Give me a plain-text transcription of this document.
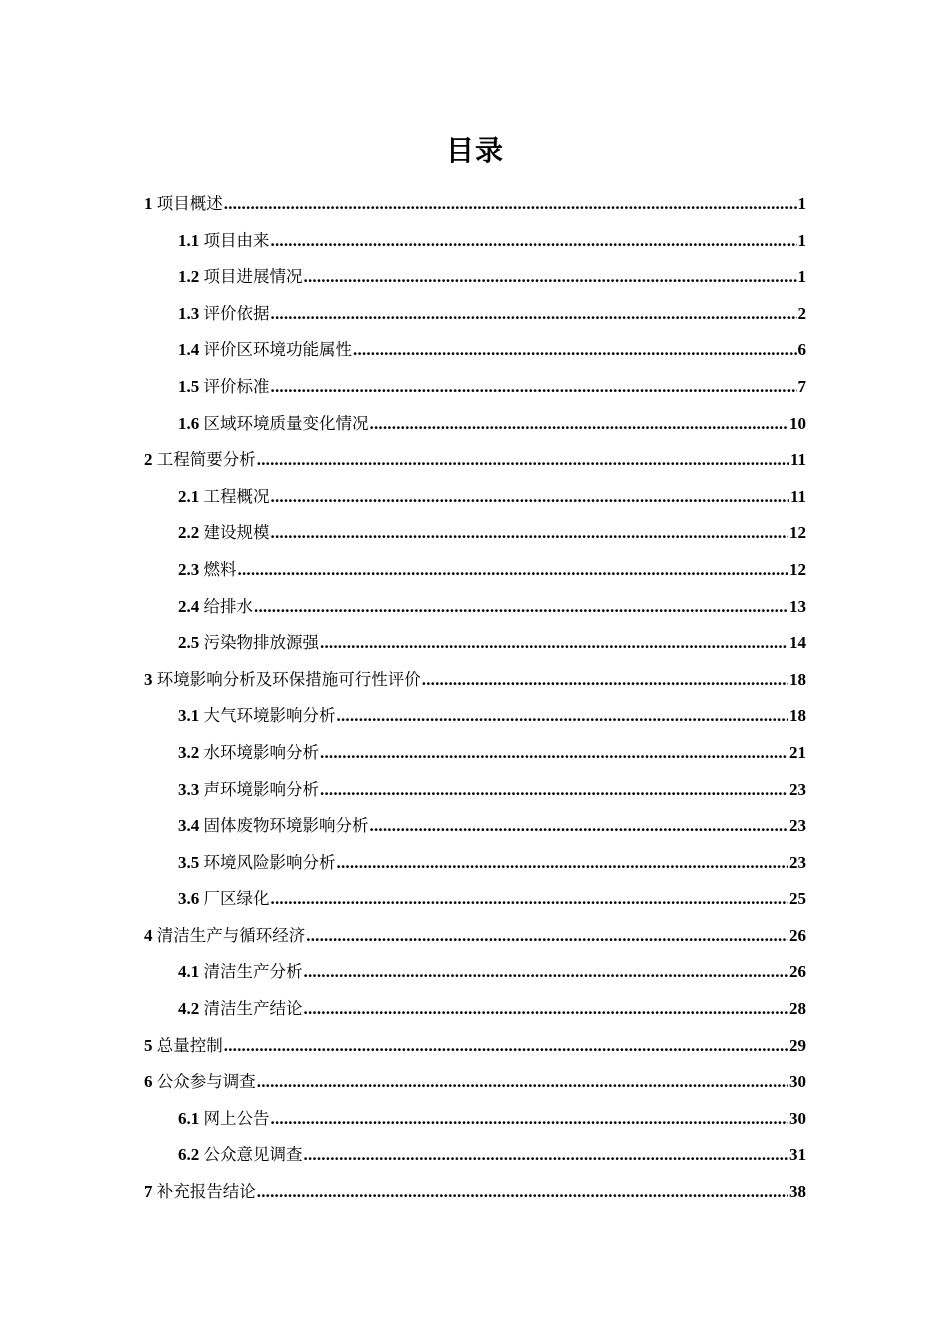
目录
1 项目概述 .....	1
1.1 项目由来 .....	1
1.2 项目进展情况 .....	1
1.3 评价依据 .....	2
1.4 评价区环境功能属性 .....	6
1.5 评价标准 .....	7
1.6 区域环境质量变化情况 .....	10
2 工程简要分析 .....	11
2.1 工程概况 .....	11
2.2 建设规模 .....	12
2.3 燃料 .....	12
2.4 给排水 .....	13
2.5 污染物排放源强 .....	14
3 环境影响分析及环保措施可行性评价 .....	18
3.1 大气环境影响分析 .....	18
3.2 水环境影响分析 .....	21
3.3 声环境影响分析 .....	23
3.4 固体废物环境影响分析 .....	23
3.5 环境风险影响分析 .....	23
3.6 厂区绿化 .....	25
4 清洁生产与循环经济 .....	26
4.1 清洁生产分析 .....	26
4.2 清洁生产结论 .....	28
5 总量控制 .....	29
6 公众参与调查 .....	30
6.1 网上公告 .....	30
6.2 公众意见调查 .....	31
7 补充报告结论 .....	38
